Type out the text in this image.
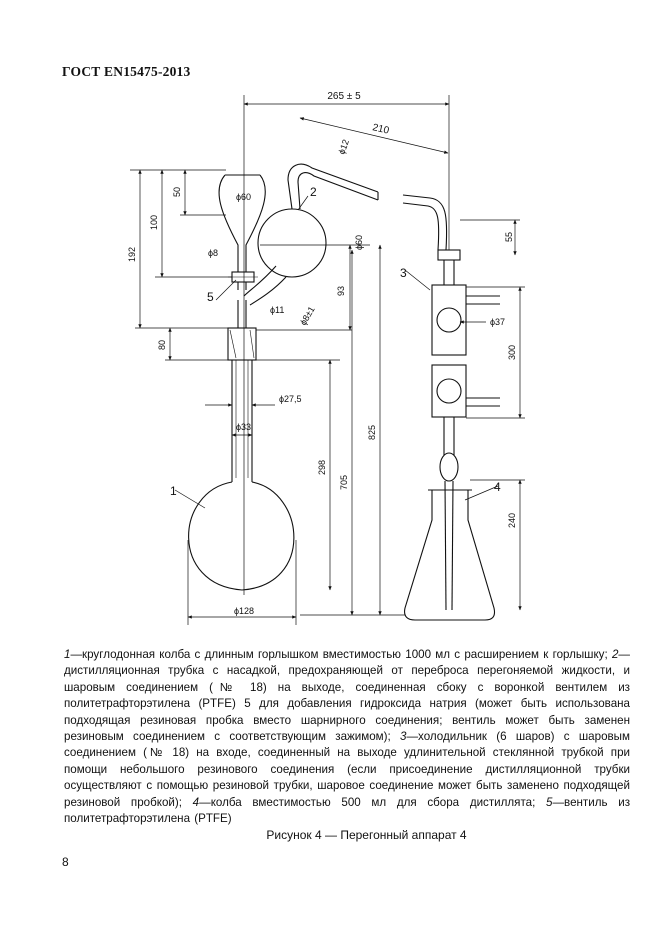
ГОСТ EN15475-2013
265 ± 5
210
ϕ12
ϕ60
50
100
192	ϕ8
ϕ60
93
ϕ11 ϕ8±1
80
ϕ27,5
ϕ33
298
705
825
ϕ128
55
ϕ37
300
240
1
2
3
4
5

1—круглодонная колба с длинным горлышком вместимостью 1000 мл с расширением к горлышку; 2—дистилляционная трубка с насадкой, предохраняющей от переброса перегоняемой жидкости, и шаровым соединением (№ 18) на выходе, соединенная сбоку с воронкой вентилем из политетрафторэтилена (PTFE) 5 для добавления гидроксида натрия (может быть использована подходящая резиновая пробка вместо шарнирного соединения; вентиль может быть заменен резиновым соединением с соответствующим зажимом); 3—холодильник (6 шаров) с шаровым соединением (№ 18) на входе, соединенный на выходе удлинительной стеклянной трубкой при помощи небольшого резинового соединения (если присоединение дистилляционной трубки осуществляют с помощью резиновой трубки, шаровое соединение может быть заменено подходящей резиновой пробкой); 4—колба вместимостью 500 мл для сбора дистиллята; 5—вентиль из политетрафторэтилена (PTFE)

Рисунок 4 — Перегонный аппарат 4
8
